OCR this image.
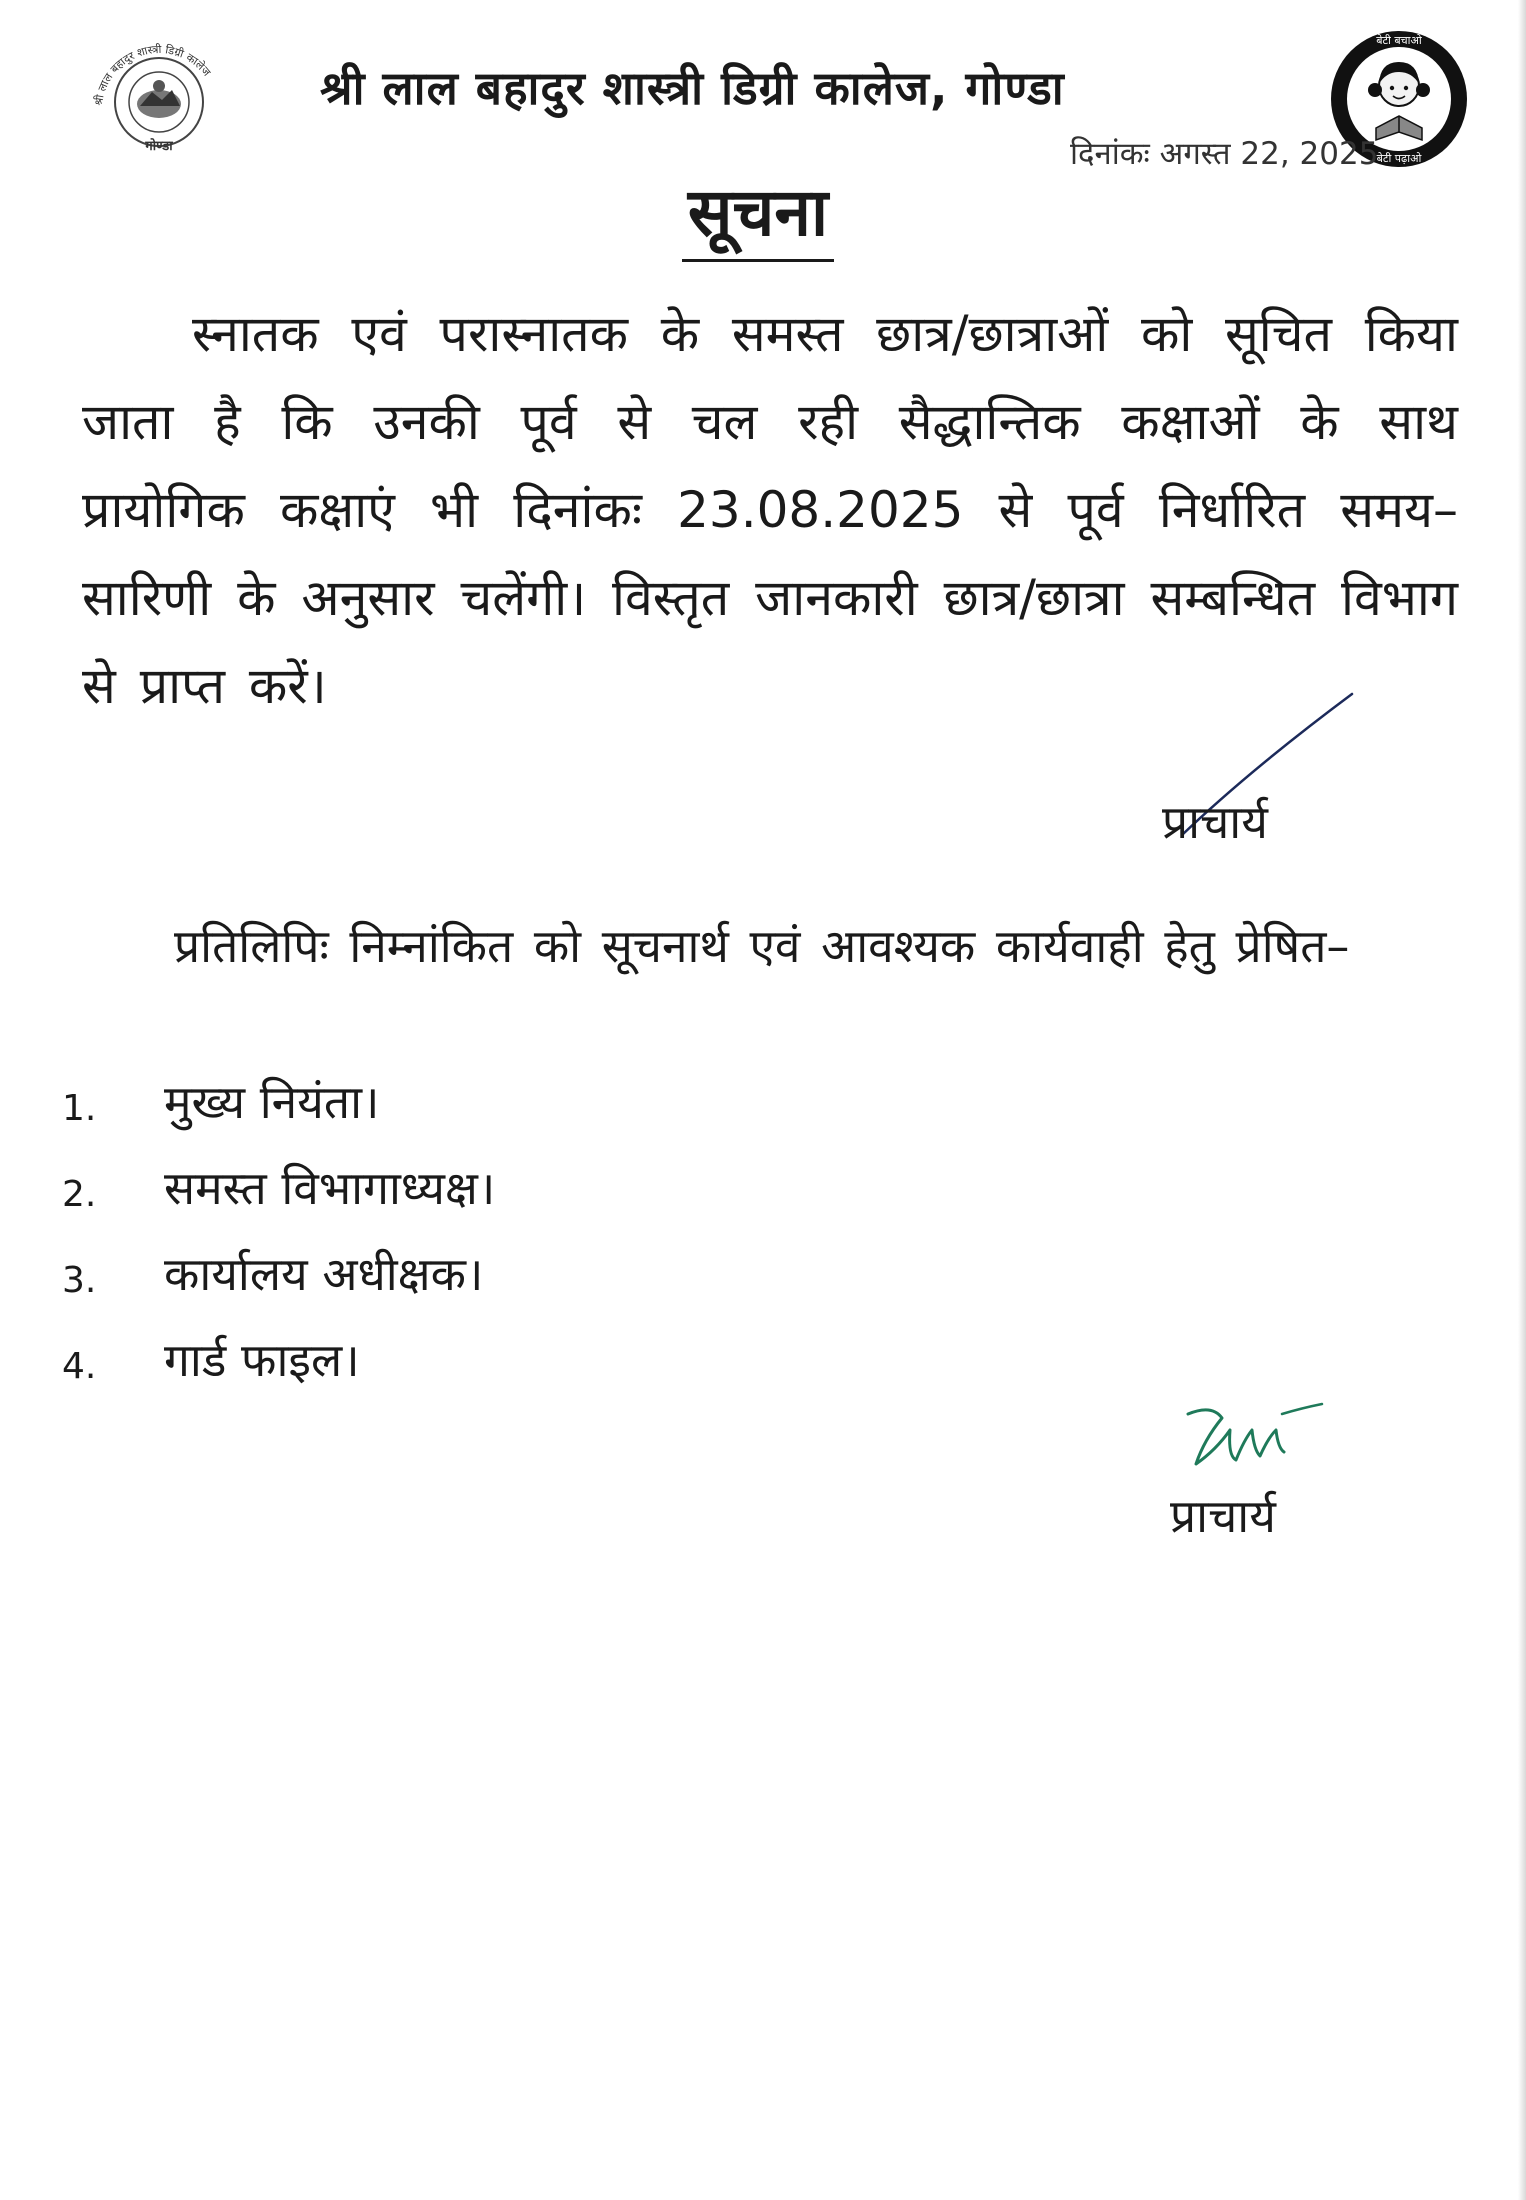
श्री लाल बहादुर शास्त्री डिग्री कालेज
गोण्डा
श्री लाल बहादुर शास्त्री डिग्री कालेज, गोण्डा
बेटी बचाओ
बेटी पढ़ाओ
दिनांकः अगस्त 22, 2025
सूचना
स्नातक एवं परास्नातक के समस्त छात्र/छात्राओं को सूचित किया जाता है कि उनकी पूर्व से चल रही सैद्धान्तिक कक्षाओं के साथ प्रायोगिक कक्षाएं भी दिनांकः 23.08.2025 से पूर्व निर्धारित समय–सारिणी के अनुसार चलेंगी। विस्तृत जानकारी छात्र/छात्रा सम्बन्धित विभाग से प्राप्त करें।
प्राचार्य
प्रतिलिपिः निम्नांकित को सूचनार्थ एवं आवश्यक कार्यवाही हेतु प्रेषित–
1.	मुख्य नियंता।
2.	समस्त विभागाध्यक्ष।
3.	कार्यालय अधीक्षक।
4.	गार्ड फाइल।
प्राचार्य
